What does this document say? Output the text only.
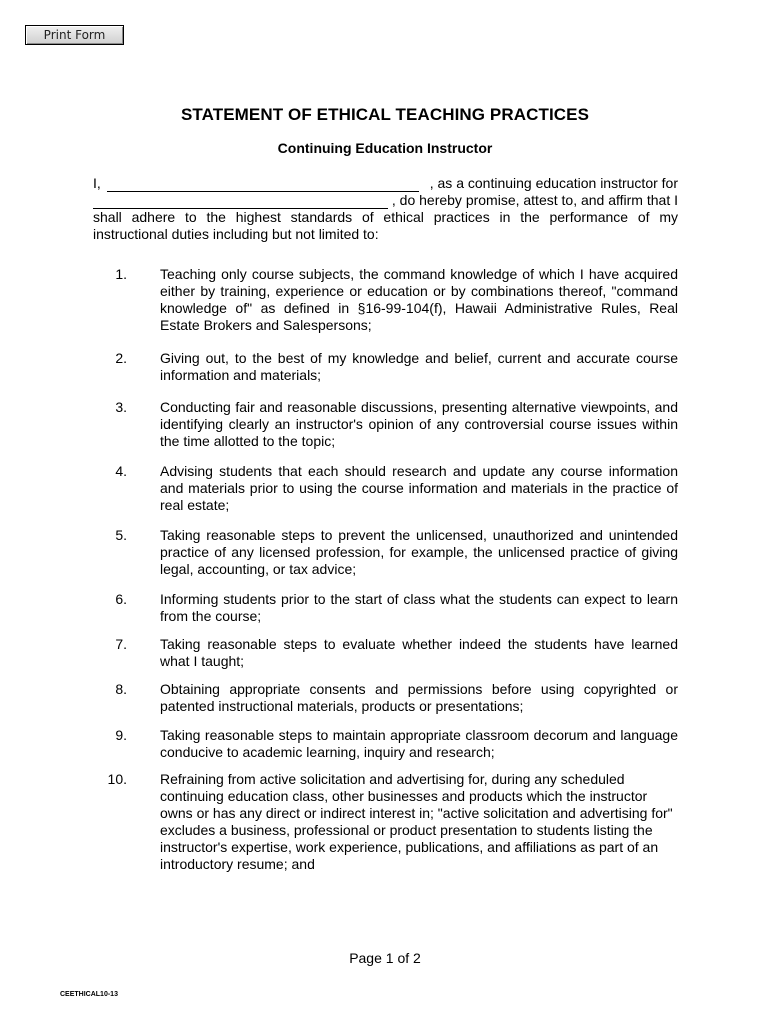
Print Form
STATEMENT OF ETHICAL TEACHING PRACTICES
Continuing Education Instructor
I,	, as a continuing education instructor for
, do hereby promise, attest to, and affirm that I
shall adhere to the highest standards of ethical practices in the performance of my instructional duties including but not limited to:
1. Teaching only course subjects, the command knowledge of which I have acquired either by training, experience or education or by combinations thereof, "command knowledge of" as defined in §16-99-104(f), Hawaii Administrative Rules, Real Estate Brokers and Salespersons;
2. Giving out, to the best of my knowledge and belief, current and accurate course information and materials;
3. Conducting fair and reasonable discussions, presenting alternative viewpoints, and identifying clearly an instructor's opinion of any controversial course issues within the time allotted to the topic;
4. Advising students that each should research and update any course information and materials prior to using the course information and materials in the practice of real estate;
5. Taking reasonable steps to prevent the unlicensed, unauthorized and unintended practice of any licensed profession, for example, the unlicensed practice of giving legal, accounting, or tax advice;
6. Informing students prior to the start of class what the students can expect to learn from the course;
7. Taking reasonable steps to evaluate whether indeed the students have learned what I taught;
8. Obtaining appropriate consents and permissions before using copyrighted or patented instructional materials, products or presentations;
9. Taking reasonable steps to maintain appropriate classroom decorum and language conducive to academic learning, inquiry and research;
10. Refraining from active solicitation and advertising for, during any scheduled continuing education class, other businesses and products which the instructor owns or has any direct or indirect interest in; "active solicitation and advertising for" excludes a business, professional or product presentation to students listing the instructor's expertise, work experience, publications, and affiliations as part of an introductory resume; and
Page 1 of 2
CEETHICAL10-13
